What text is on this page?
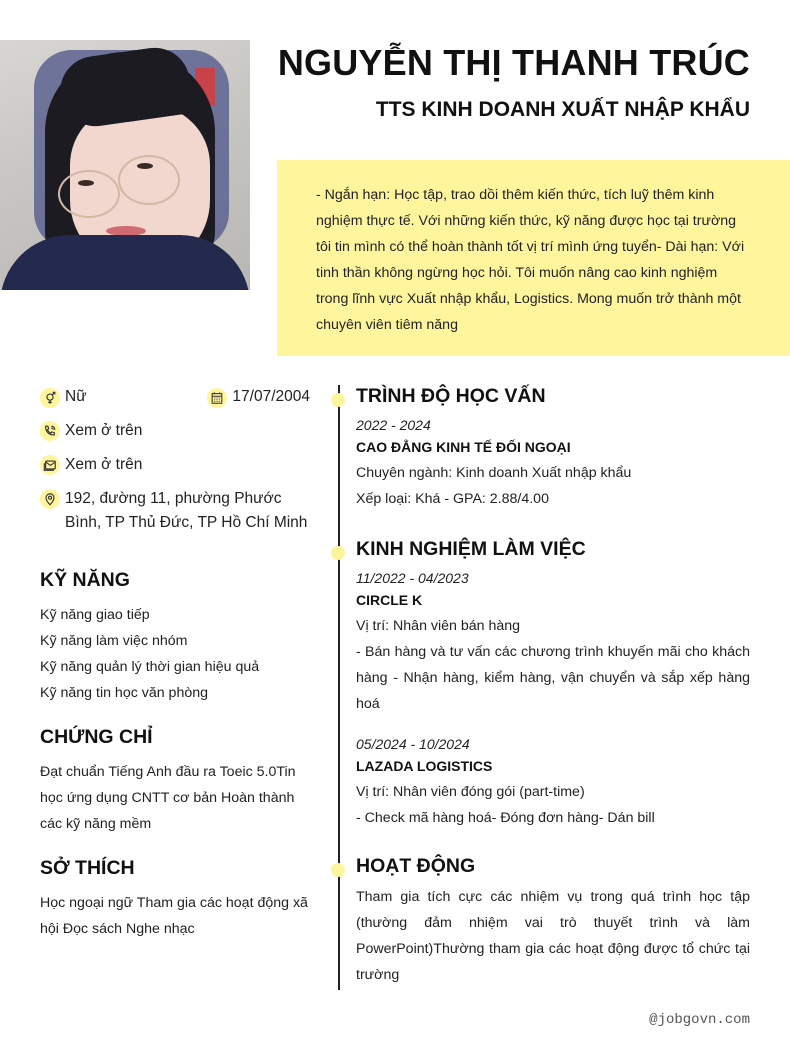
NGUYỄN THỊ THANH TRÚC
TTS KINH DOANH XUẤT NHẬP KHẨU

- Ngắn hạn: Học tập, trao dồi thêm kiến thức, tích luỹ thêm kinh nghiệm thực tế. Với những kiến thức, kỹ năng được học tại trường tôi tin mình có thể hoàn thành tốt vị trí mình ứng tuyển- Dài hạn: Với tinh thần không ngừng học hỏi. Tôi muốn nâng cao kinh nghiệm trong lĩnh vực Xuất nhập khẩu, Logistics. Mong muốn trở thành một chuyên viên tiêm năng

Nữ	17/07/2004
Xem ở trên
Xem ở trên
192, đường 11, phường Phước Bình, TP Thủ Đức, TP Hồ Chí Minh
KỸ NĂNG
Kỹ năng giao tiếp
Kỹ năng làm việc nhóm
Kỹ năng quản lý thời gian hiệu quả
Kỹ năng tin học văn phòng
CHỨNG CHỈ
Đạt chuẩn Tiếng Anh đầu ra Toeic 5.0Tin học ứng dụng CNTT cơ bản Hoàn thành các kỹ năng mềm
SỞ THÍCH
Học ngoại ngữ Tham gia các hoạt động xã hội Đọc sách Nghe nhạc
TRÌNH ĐỘ HỌC VẤN
2022 - 2024
CAO ĐẲNG KINH TẾ ĐỐI NGOẠI
Chuyên ngành: Kinh doanh Xuất nhập khẩu
Xếp loại: Khá - GPA: 2.88/4.00
KINH NGHIỆM LÀM VIỆC
11/2022 - 04/2023
CIRCLE K
Vị trí: Nhân viên bán hàng
- Bán hàng và tư vấn các chương trình khuyến mãi cho khách hàng - Nhận hàng, kiểm hàng, vận chuyển và sắp xếp hàng hoá
05/2024 - 10/2024
LAZADA LOGISTICS
Vị trí: Nhân viên đóng gói (part-time)
- Check mã hàng hoá- Đóng đơn hàng- Dán bill
HOẠT ĐỘNG
Tham gia tích cực các nhiệm vụ trong quá trình học tập (thường đảm nhiệm vai trò thuyết trình và làm PowerPoint)Thường tham gia các hoạt động được tổ chức tại trường
@jobgovn.com
